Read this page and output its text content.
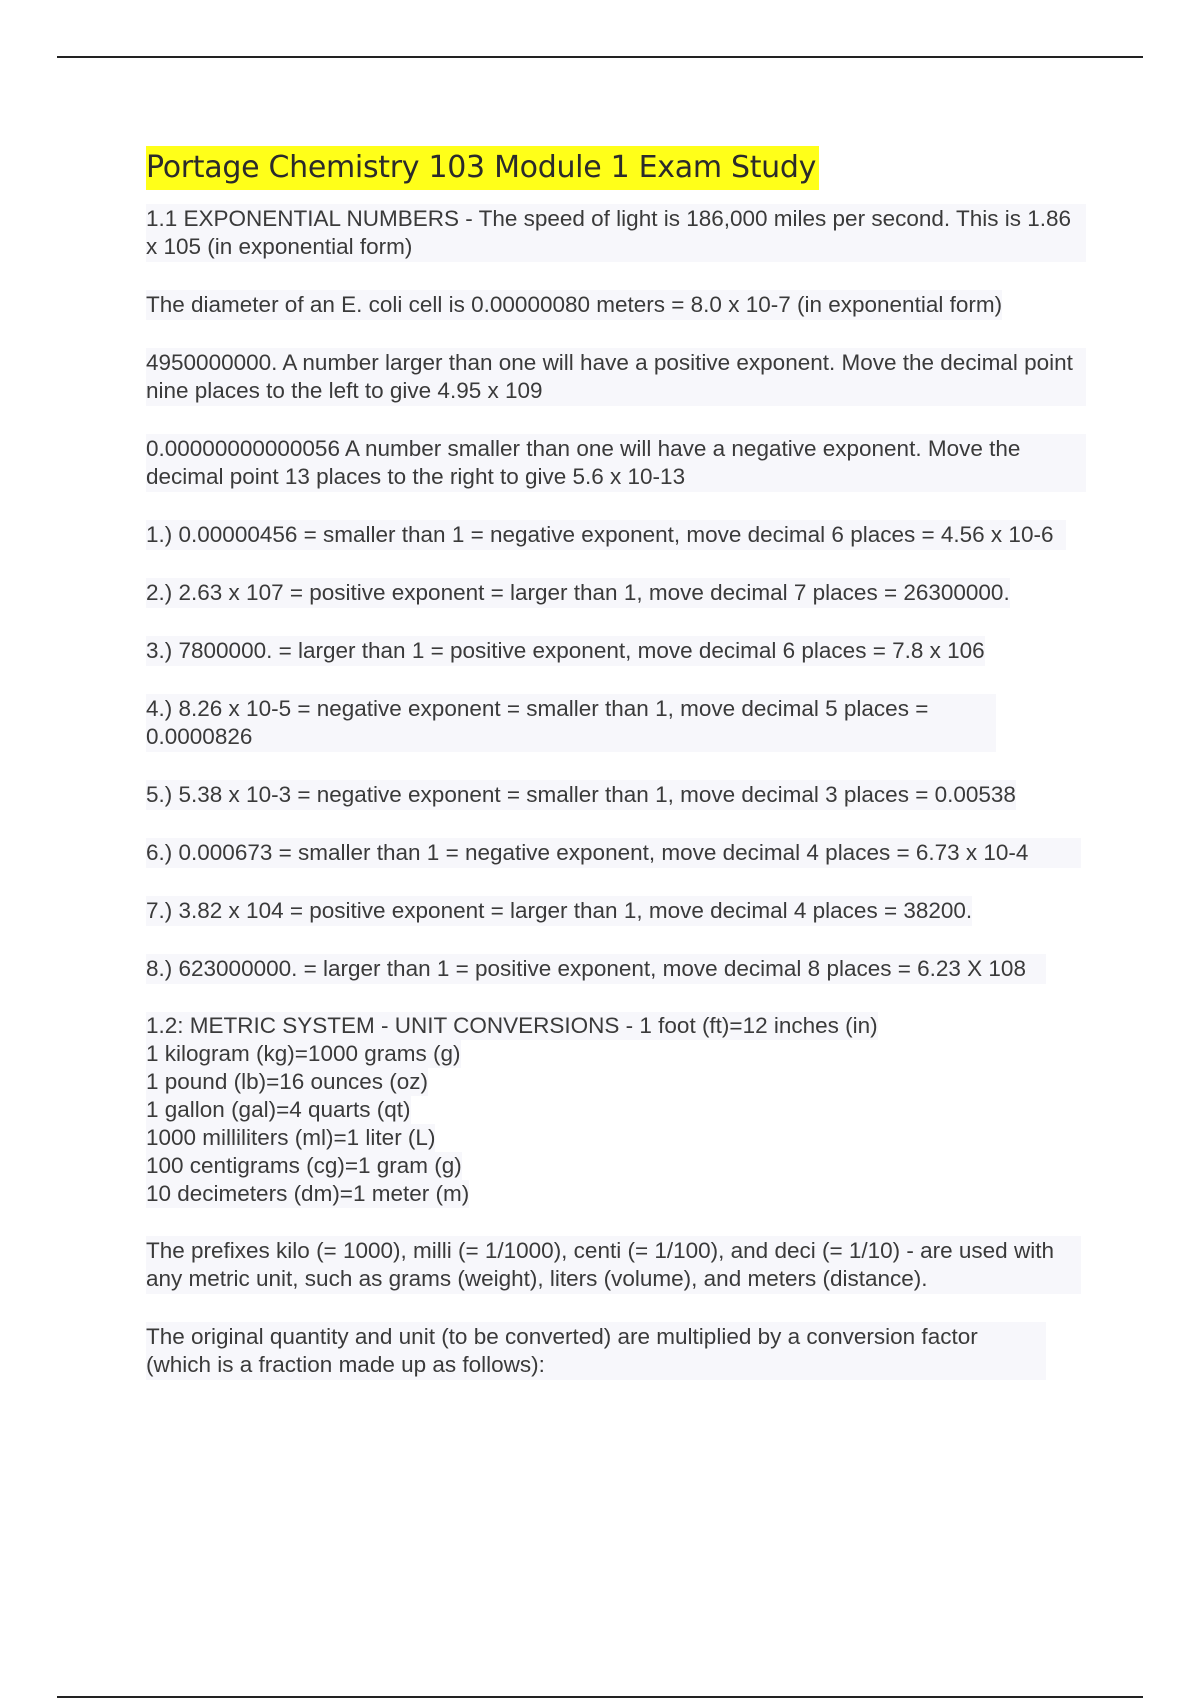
Portage Chemistry 103 Module 1 Exam Study
1.1 EXPONENTIAL NUMBERS - The speed of light is 186,000 miles per second. This is 1.86 x 105 (in exponential form)
The diameter of an E. coli cell is 0.00000080 meters = 8.0 x 10-7 (in exponential form)
4950000000. A number larger than one will have a positive exponent. Move the decimal point nine places to the left to give 4.95 x 109
0.00000000000056 A number smaller than one will have a negative exponent. Move the decimal point 13 places to the right to give 5.6 x 10-13
1.) 0.00000456 = smaller than 1 = negative exponent, move decimal 6 places = 4.56 x 10-6
2.) 2.63 x 107 = positive exponent = larger than 1, move decimal 7 places = 26300000.
3.) 7800000. = larger than 1 = positive exponent, move decimal 6 places = 7.8 x 106
4.) 8.26 x 10-5 = negative exponent = smaller than 1, move decimal 5 places = 0.0000826
5.) 5.38 x 10-3 = negative exponent = smaller than 1, move decimal 3 places = 0.00538
6.) 0.000673 = smaller than 1 = negative exponent, move decimal 4 places = 6.73 x 10-4
7.) 3.82 x 104 = positive exponent = larger than 1, move decimal 4 places = 38200.
8.) 623000000. = larger than 1 = positive exponent, move decimal 8 places = 6.23 X 108
1.2: METRIC SYSTEM - UNIT CONVERSIONS - 1 foot (ft)=12 inches (in)
1 kilogram (kg)=1000 grams (g)
1 pound (lb)=16 ounces (oz)
1 gallon (gal)=4 quarts (qt)
1000 milliliters (ml)=1 liter (L)
100 centigrams (cg)=1 gram (g)
10 decimeters (dm)=1 meter (m)
The prefixes kilo (= 1000), milli (= 1/1000), centi (= 1/100), and deci (= 1/10) - are used with any metric unit, such as grams (weight), liters (volume), and meters (distance).
The original quantity and unit (to be converted) are multiplied by a conversion factor (which is a fraction made up as follows):
